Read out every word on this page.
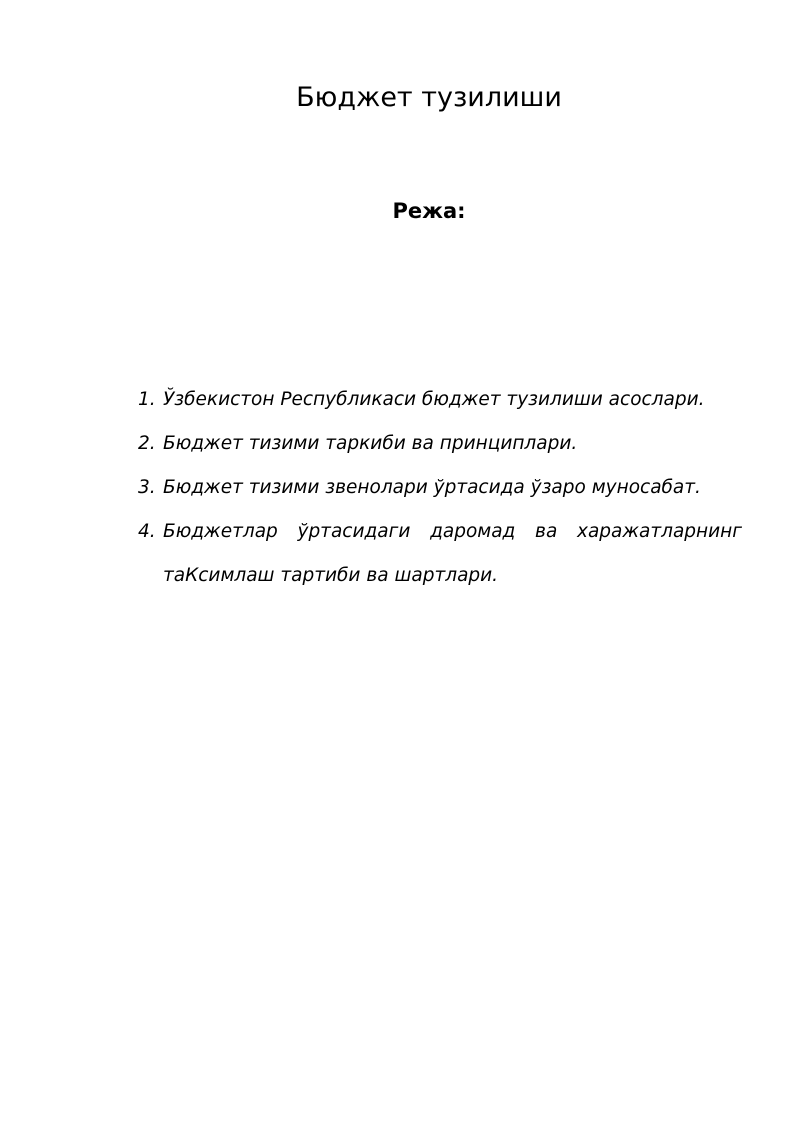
Бюджет тузилиши
Режа:
1. Ўзбекистон Республикаси бюджет тузилиши асослари.
2. Бюджет тизими таркиби ва принциплари.
3. Бюджет тизими звенолари ўртасида ўзаро муносабат.
4. Бюджетлар ўртасидаги даромад ва харажатларнинг таКсимлаш тартиби ва шартлари.
